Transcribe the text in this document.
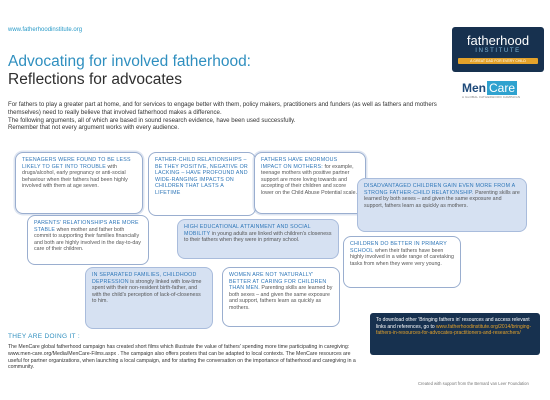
www.fatherhoodinstitute.org
Advocating for involved fatherhood:
Reflections for advocates
fatherhood
INSTITUTE
A GREAT DAD FOR EVERY CHILD
Men Care
A GLOBAL FATHERHOOD CAMPAIGN

For fathers to play a greater part at home, and for services to engage better with them, policy makers, practitioners and funders (as well as fathers and mothers themselves) need to really believe that involved fatherhood makes a difference.

The following arguments, all of which are based in sound research evidence, have been used successfully.

Remember that not every argument works with every audience.

TEENAGERS WERE FOUND TO BE LESS LIKELY TO GET INTO TROUBLE with drugs/alcohol, early pregnancy or anti-social behaviour when their fathers had been highly involved with them at age seven.
FATHER-CHILD RELATIONSHIPS – BE THEY POSITIVE, NEGATIVE OR LACKING – HAVE PROFOUND AND WIDE-RANGING IMPACTS ON CHILDREN THAT LASTS A LIFETIME
FATHERS HAVE ENORMOUS IMPACT ON MOTHERS: for example, teenage mothers with positive partner support are more loving towards and accepting of their children and score lower on the Child Abuse Potential scale.
DISADVANTAGED CHILDREN GAIN EVEN MORE FROM A STRONG FATHER-CHILD RELATIONSHIP. Parenting skills are learned by both sexes – and given the same exposure and support, fathers learn as quickly as mothers.
PARENTS' RELATIONSHIPS ARE MORE STABLE when mother and father both commit to supporting their families financially and both are highly involved in the day-to-day care of their children.
HIGH EDUCATIONAL ATTAINMENT AND SOCIAL MOBILITY in young adults are linked with children's closeness to their fathers when they were in primary school.
CHILDREN DO BETTER IN PRIMARY SCHOOL when their fathers have been highly involved in a wide range of caretaking tasks from when they were very young.
IN SEPARATED FAMILIES, CHILDHOOD DEPRESSION is strongly linked with low-time spent with their non-resident birth-father, and with the child's perception of lack-of-closeness to him.
WOMEN ARE NOT 'NATURALLY' BETTER AT CARING FOR CHILDREN THAN MEN. Parenting skills are learned by both sexes – and given the same exposure and support, fathers learn as quickly as mothers.
THEY ARE DOING IT :
The MenCare global fatherhood campaign has created short films which illustrate the value of fathers' spending more time participating in caregiving: www.men-care.org/Media/MenCare-Films.aspx . The campaign also offers posters that can be adapted to local contexts. The MenCare resources are useful for partner organizations, when launching a local campaign, and for starting the conversation on the importance of fatherhood and caregiving in a community.
To download other 'Bringing fathers in' resources and access relevant links and references, go to www.fatherhoodinstitute.org/2014/bringing-fathers-in-resources-for-advocates-practitioners-and-researchers/
Created with support from the Bernard van Leer Foundation
